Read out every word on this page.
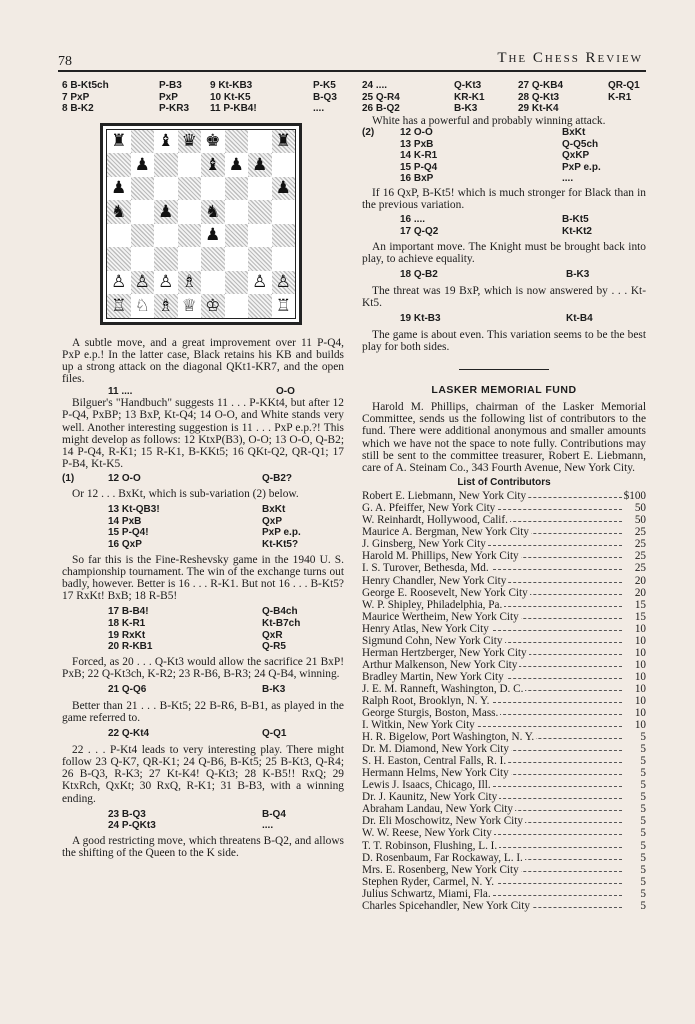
78	The Chess Review
6 B-Kt5ch	P-B3	9 Kt-KB3	P-K5
7 PxP	PxP	10 Kt-K5	B-Q3
8 B-K2	P-KR3 11 P-KB4!	....
♜ ♝ ♛ ♚	♜
♟	♝ ♟ ♟
♟	♟
♞ ♟ ♞
♟
♙ ♙ ♙ ♗	♙ ♙
♖ ♘ ♗ ♕ ♔	♖

A subtle move, and a great improvement over 11 P-Q4, PxP e.p.! In the latter case, Black retains his KB and builds up a strong attack on the diagonal QKt1-KR7, and the open files.

11 ....	O-O

Bilguer's "Handbuch" suggests 11 . . . P-KKt4, but after 12 P-Q4, PxBP; 13 BxP, Kt-Q4; 14 O-O, and White stands very well. Another interesting suggestion is 11 . . . PxP e.p.?! This might develop as follows: 12 KtxP(B3), O-O; 13 O-O, Q-B2; 14 P-Q4, R-K1; 15 R-K1, B-KKt5; 16 QKt-Q2, QR-Q1; 17 P-B4, Kt-K5.

(1)	12 O-O	Q-B2?

Or 12 . . . BxKt, which is sub-variation (2) below.

13 Kt-QB3!	BxKt
14 PxB	QxP
15 P-Q4!	PxP e.p.
16 QxP	Kt-Kt5?

So far this is the Fine-Reshevsky game in the 1940 U. S. championship tournament. The win of the exchange turns out badly, however. Better is 16 . . . R-K1. But not 16 . . . B-Kt5? 17 RxKt! BxB; 18 R-B5!

17 B-B4!	Q-B4ch
18 K-R1	Kt-B7ch
19 RxKt	QxR
20 R-KB1	Q-R5

Forced, as 20 . . . Q-Kt3 would allow the sacrifice 21 BxP! PxB; 22 Q-Kt3ch, K-R2; 23 R-B6, B-R3; 24 Q-B4, winning.

21 Q-Q6	B-K3

Better than 21 . . . B-Kt5; 22 B-R6, B-B1, as played in the game referred to.

22 Q-Kt4	Q-Q1

22 . . . P-Kt4 leads to very interesting play. There might follow 23 Q-K7, QR-K1; 24 Q-B6, B-Kt5; 25 B-Kt3, Q-R4; 26 B-Q3, R-K3; 27 Kt-K4! Q-Kt3; 28 K-B5!! RxQ; 29 KtxRch, QxKt; 30 RxQ, R-K1; 31 B-B3, with a winning ending.

23 B-Q3	B-Q4
24 P-QKt3	....

A good restricting move, which threatens B-Q2, and allows the shifting of the Queen to the K side.

24 ....	Q-Kt3	27 Q-KB4	QR-Q1
25 Q-R4	KR-K1	28 Q-Kt3	K-R1
26 B-Q2	B-K3	29 Kt-K4

White has a powerful and probably winning attack.

(2)	12 O-O	BxKt
13 PxB	Q-Q5ch
14 K-R1	QxKP
15 P-Q4	PxP e.p.
16 BxP	....

If 16 QxP, B-Kt5! which is much stronger for Black than in the previous variation.

16 ....	B-Kt5
17 Q-Q2	Kt-Kt2

An important move. The Knight must be brought back into play, to achieve equality.

18 Q-B2	B-K3

The threat was 19 BxP, which is now answered by . . . Kt-Kt5.

19 Kt-B3	Kt-B4

The game is about even. This variation seems to be the best play for both sides.

LASKER MEMORIAL FUND

Harold M. Phillips, chairman of the Lasker Memorial Committee, sends us the following list of contributors to the fund. There were additional anonymous and smaller amounts which we have not the space to note fully. Contributions may still be sent to the committee treasurer, Robert E. Liebmann, care of A. Steinam Co., 343 Fourth Avenue, New York City.

List of Contributors
Robert E. Liebmann, New York City	$100
G. A. Pfeiffer, New York City	50
W. Reinhardt, Hollywood, Calif.	50
Maurice A. Bergman, New York City	25
J. Ginsberg, New York City	25
Harold M. Phillips, New York City	25
I. S. Turover, Bethesda, Md.	25
Henry Chandler, New York City	20
George E. Roosevelt, New York City	20
W. P. Shipley, Philadelphia, Pa.	15
Maurice Wertheim, New York City	15
Henry Atlas, New York City	10
Sigmund Cohn, New York City	10
Herman Hertzberger, New York City	10
Arthur Malkenson, New York City	10
Bradley Martin, New York City	10
J. E. M. Ranneft, Washington, D. C.	10
Ralph Root, Brooklyn, N. Y.	10
George Sturgis, Boston, Mass.	10
I. Witkin, New York City	10
H. R. Bigelow, Port Washington, N. Y.	5
Dr. M. Diamond, New York City	5
S. H. Easton, Central Falls, R. I.	5
Hermann Helms, New York City	5
Lewis J. Isaacs, Chicago, Ill.	5
Dr. J. Kaunitz, New York City	5
Abraham Landau, New York City	5
Dr. Eli Moschowitz, New York City	5
W. W. Reese, New York City	5
T. T. Robinson, Flushing, L. I.	5
D. Rosenbaum, Far Rockaway, L. I.	5
Mrs. E. Rosenberg, New York City	5
Stephen Ryder, Carmel, N. Y.	5
Julius Schwartz, Miami, Fla.	5
Charles Spicehandler, New York City	5
